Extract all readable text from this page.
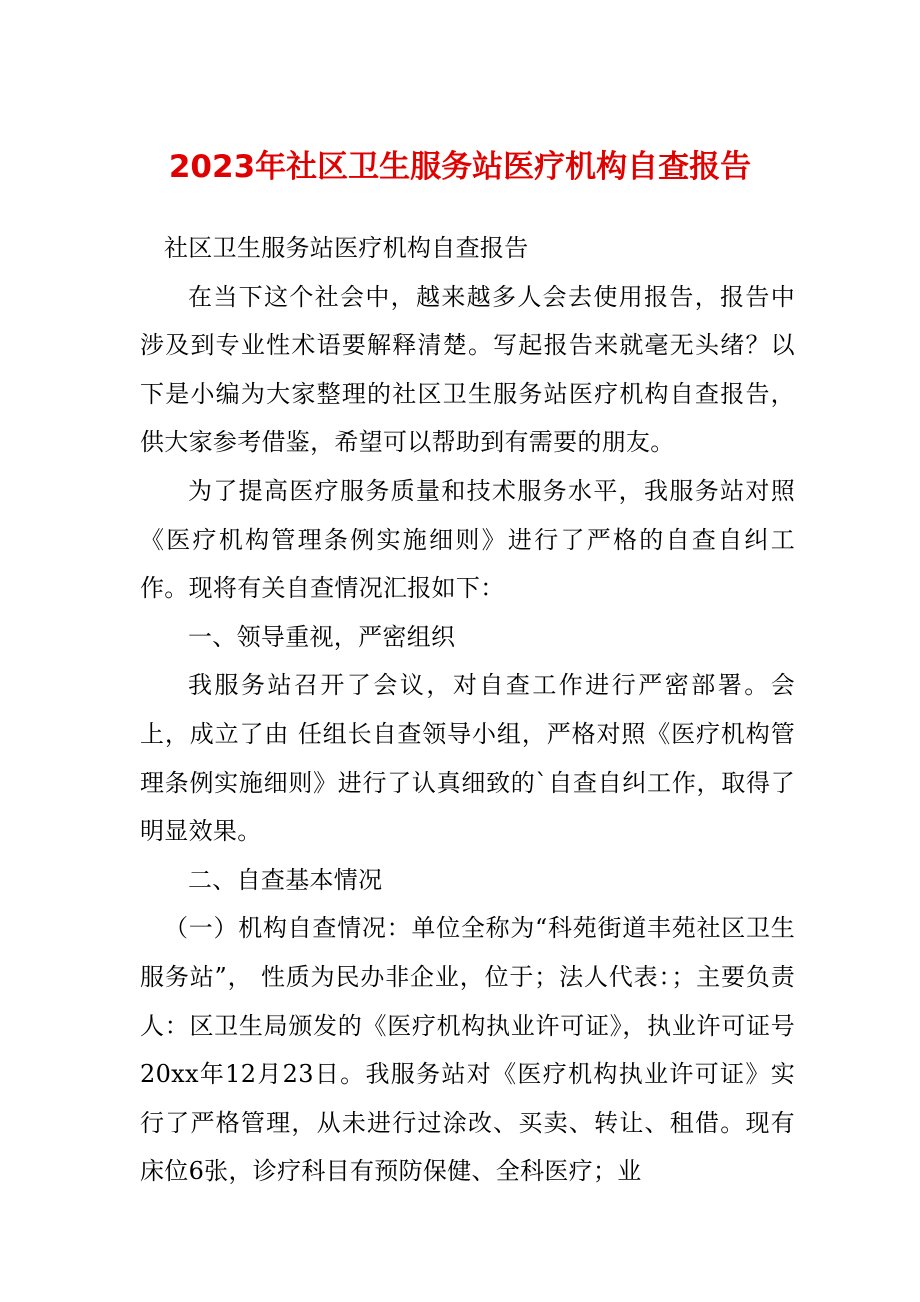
2023年社区卫生服务站医疗机构自查报告

社区卫生服务站医疗机构自查报告

在当下这个社会中，越来越多人会去使用报告，报告中涉及到专业性术语要解释清楚。写起报告来就毫无头绪？以下是小编为大家整理的社区卫生服务站医疗机构自查报告，供大家参考借鉴，希望可以帮助到有需要的朋友。

为了提高医疗服务质量和技术服务水平，我服务站对照《医疗机构管理条例实施细则》进行了严格的自查自纠工作。现将有关自查情况汇报如下：

一、领导重视，严密组织

我服务站召开了会议，对自查工作进行严密部署。会上，成立了由 任组长自查领导小组，严格对照《医疗机构管理条例实施细则》进行了认真细致的`自查自纠工作，取得了明显效果。

二、自查基本情况

（一）机构自查情况：单位全称为“科苑街道丰苑社区卫生服务站”， 性质为民办非企业，位于；法人代表：；主要负责人：区卫生局颁发的《医疗机构执业许可证》，执业许可证号20xx年12月23日。我服务站对《医疗机构执业许可证》实行了严格管理，从未进行过涂改、买卖、转让、租借。现有床位6张，诊疗科目有预防保健、全科医疗；业
